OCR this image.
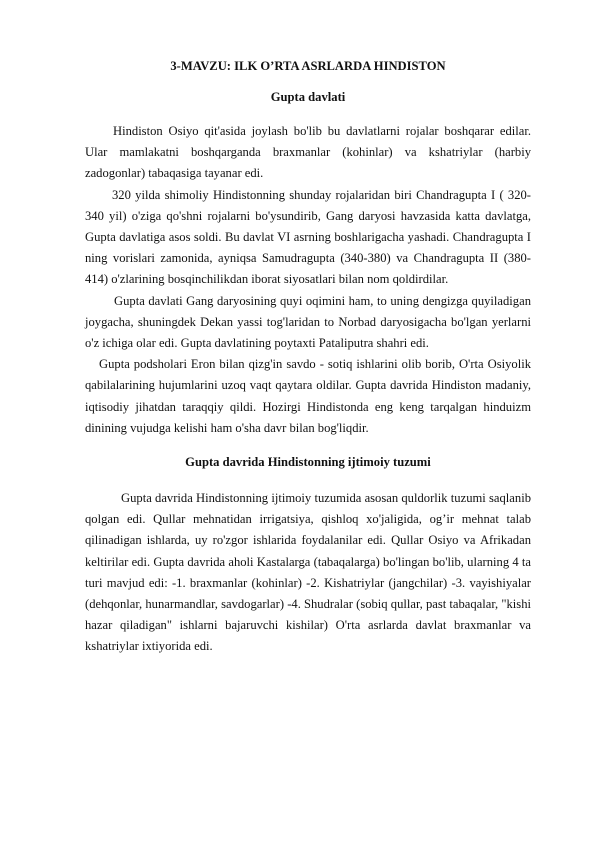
3-MAVZU: ILK O’RTA ASRLARDA HINDISTON
Gupta davlati

Hindiston Osiyo qit'asida joylash bo'lib bu davlatlarni rojalar boshqarar edilar. Ular mamlakatni boshqarganda braxmanlar (kohinlar) va kshatriylar (harbiy zadogonlar) tabaqasiga tayanar edi.

320 yilda shimoliy Hindistonning shunday rojalaridan biri Chandragupta I ( 320-340 yil) o'ziga qo'shni rojalarni bo'ysundirib, Gang daryosi havzasida katta davlatga, Gupta davlatiga asos soldi. Bu davlat VI asrning boshlarigacha yashadi. Chandragupta I ning vorislari zamonida, ayniqsa Samudragupta (340-380) va Chandragupta II (380-414) o'zlarining bosqinchilikdan iborat siyosatlari bilan nom qoldirdilar.

Gupta davlati Gang daryosining quyi oqimini ham, to uning dengizga quyiladigan joygacha, shuningdek Dekan yassi tog'laridan to Norbad daryosigacha bo'lgan yerlarni o'z ichiga olar edi. Gupta davlatining poytaxti Pataliputra shahri edi.

Gupta podsholari Eron bilan qizg'in savdo - sotiq ishlarini olib borib, O'rta Osiyolik qabilalarining hujumlarini uzoq vaqt qaytara oldilar. Gupta davrida Hindiston madaniy, iqtisodiy jihatdan taraqqiy qildi. Hozirgi Hindistonda eng keng tarqalgan hinduizm dinining vujudga kelishi ham o'sha davr bilan bog'liqdir.

Gupta davrida Hindistonning ijtimoiy tuzumi

Gupta davrida Hindistonning ijtimoiy tuzumida asosan quldorlik tuzumi saqlanib qolgan edi. Qullar mehnatidan irrigatsiya, qishloq xo'jaligida, og’ir mehnat talab qilinadigan ishlarda, uy ro'zgor ishlarida foydalanilar edi. Qullar Osiyo va Afrikadan keltirilar edi. Gupta davrida aholi Kastalarga (tabaqalarga) bo'lingan bo'lib, ularning 4 ta turi mavjud edi: -1. braxmanlar (kohinlar) -2. Kishatriylar (jangchilar) -3. vayishiyalar (dehqonlar, hunarmandlar, savdogarlar) -4. Shudralar (sobiq qullar, past tabaqalar, "kishi hazar qiladigan" ishlarni bajaruvchi kishilar) O'rta asrlarda davlat braxmanlar va kshatriylar ixtiyorida edi.
